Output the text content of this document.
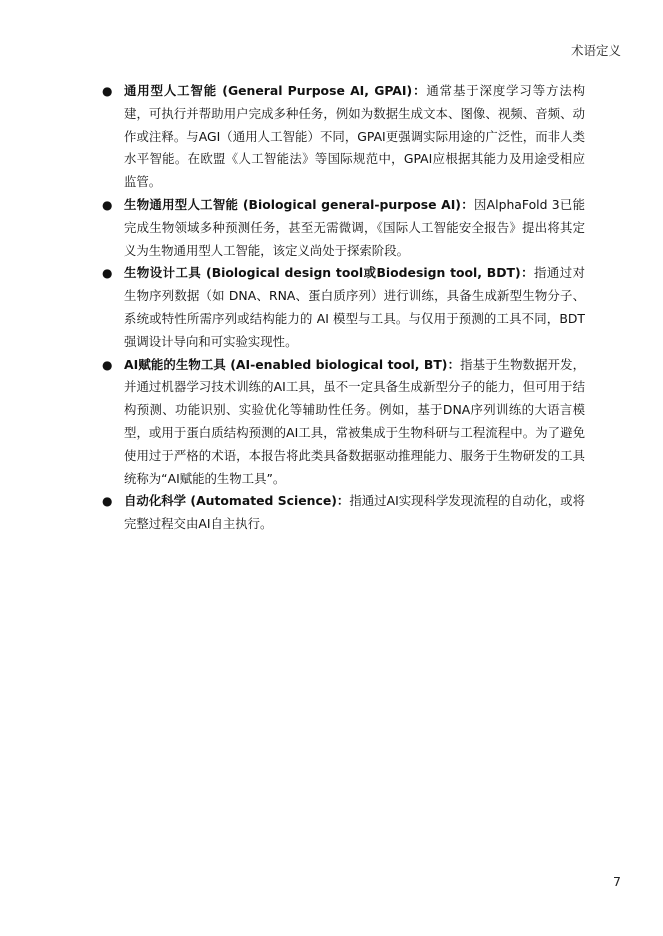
术语定义
● 通用型人工智能 (General Purpose AI, GPAI)：通常基于深度学习等方法构建，可执行并帮助用户完成多种任务，例如为数据生成文本、图像、视频、音频、动作或注释。与AGI（通用人工智能）不同，GPAI更强调实际用途的广泛性，而非人类水平智能。在欧盟《人工智能法》等国际规范中，GPAI应根据其能力及用途受相应监管。
● 生物通用型人工智能 (Biological general-purpose AI)：因AlphaFold 3已能完成生物领域多种预测任务，甚至无需微调，《国际人工智能安全报告》提出将其定义为生物通用型人工智能，该定义尚处于探索阶段。
● 生物设计工具 (Biological design tool或Biodesign tool, BDT)：指通过对生物序列数据（如 DNA、RNA、蛋白质序列）进行训练，具备生成新型生物分子、系统或特性所需序列或结构能力的 AI 模型与工具。与仅用于预测的工具不同，BDT强调设计导向和可实验实现性。
● AI赋能的生物工具 (AI-enabled biological tool, BT)：指基于生物数据开发，并通过机器学习技术训练的AI工具，虽不一定具备生成新型分子的能力，但可用于结构预测、功能识别、实验优化等辅助性任务。例如，基于DNA序列训练的大语言模型，或用于蛋白质结构预测的AI工具，常被集成于生物科研与工程流程中。为了避免使用过于严格的术语，本报告将此类具备数据驱动推理能力、服务于生物研发的工具统称为“AI赋能的生物工具”。
● 自动化科学 (Automated Science)：指通过AI实现科学发现流程的自动化，或将完整过程交由AI自主执行。
7
